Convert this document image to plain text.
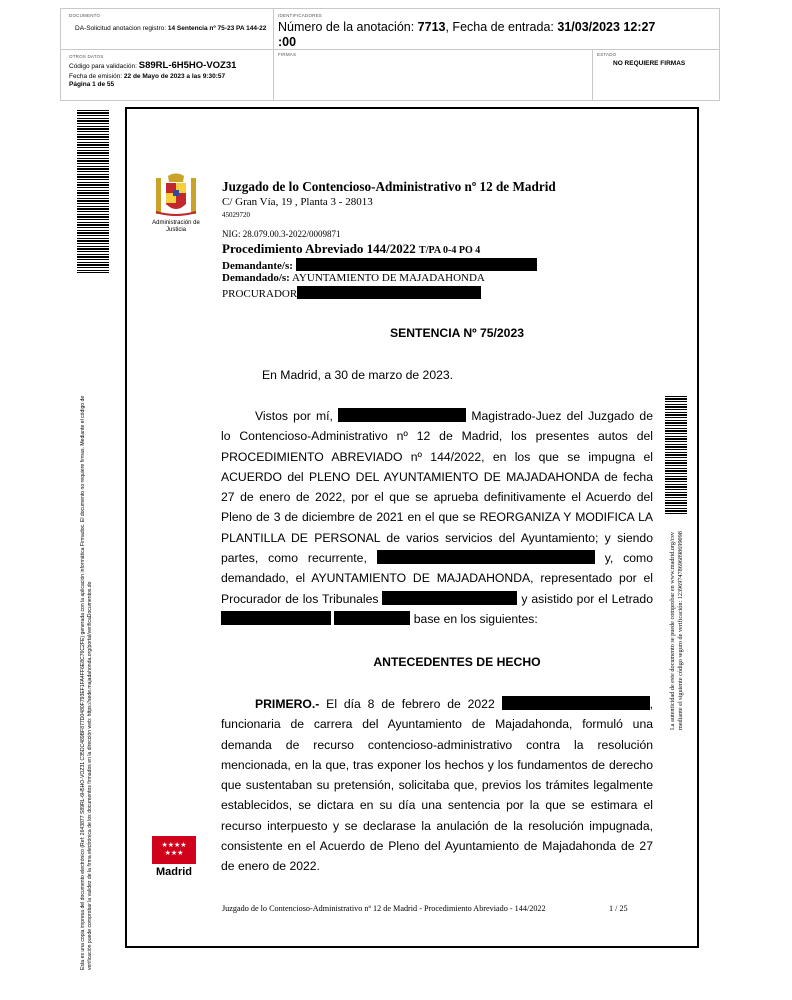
DOCUMENTO
DA-Solicitud anotacion registro: 14 Sentencia nº 75-23 PA 144-22
IDENTIFICADORES
Número de la anotación: 7713, Fecha de entrada: 31/03/2023 12:27 :00
OTROS DATOS
Código para validación: S89RL-6H5HO-VOZ31
Fecha de emisión: 22 de Mayo de 2023 a las 9:30:57
Página 1 de 55
FIRMAS	ESTADO
NO REQUIERE FIRMAS
Esta es una copia impresa del documento electrónico (Ref: 2643877 S89RL-6H5HO-VOZ31 C35DC489BF877D0480F793EF1FA4FF6E8C76C2FE) generada con la aplicación informática Firmadoc. El documento no requiere firmas. Mediante el código de verificación puede comprobar la validez de la firma electrónica de los documentos firmados en la dirección web: https://sede.majadahonda.org/portal/verificaDocumentos.do	La autenticidad de este documento se puede comprobar en www.madrid.org/csv mediante el siguiente código seguro de verificación: 1239697478696898699098
Administración de Justicia
Juzgado de lo Contencioso-Administrativo nº 12 de Madrid
C/ Gran Vía, 19 , Planta 3 - 28013
45029720
NIG: 28.079.00.3-2022/0009871
Procedimiento Abreviado 144/2022 T/PA 0-4 PO 4
Demandante/s:
Demandado/s: AYUNTAMIENTO DE MAJADAHONDA
PROCURADOR
SENTENCIA Nº 75/2023
En Madrid, a 30 de marzo de 2023.
Vistos por mí,	Magistrado-Juez del Juzgado de lo Contencioso-Administrativo nº 12 de Madrid, los presentes autos del PROCEDIMIENTO ABREVIADO nº 144/2022, en los que se impugna el ACUERDO del PLENO DEL AYUNTAMIENTO DE MAJADAHONDA de fecha 27 de enero de 2022, por el que se aprueba definitivamente el Acuerdo del Pleno de 3 de diciembre de 2021 en el que se REORGANIZA Y MODIFICA LA PLANTILLA DE PERSONAL de varios servicios del Ayuntamiento; y siendo partes, como recurrente,	y, como demandado, el AYUNTAMIENTO DE MAJADAHONDA, representado por el Procurador de los Tribunales	y asistido por el Letrado   base en los siguientes:
ANTECEDENTES DE HECHO
PRIMERO.- El día 8 de febrero de 2022	, funcionaria de carrera del Ayuntamiento de Majadahonda, formuló una demanda de recurso contencioso-administrativo contra la resolución mencionada, en la que, tras exponer los hechos y los fundamentos de derecho que sustentaban su pretensión, solicitaba que, previos los trámites legalmente establecidos, se dictara en su día una sentencia por la que se estimara el recurso interpuesto y se declarase la anulación de la resolución impugnada, consistente en el Acuerdo de Pleno del Ayuntamiento de Majadahonda de 27 de enero de 2022.
★★★★
★★★
Madrid
Juzgado de lo Contencioso-Administrativo nº 12 de Madrid - Procedimiento Abreviado - 144/2022	1 / 25
